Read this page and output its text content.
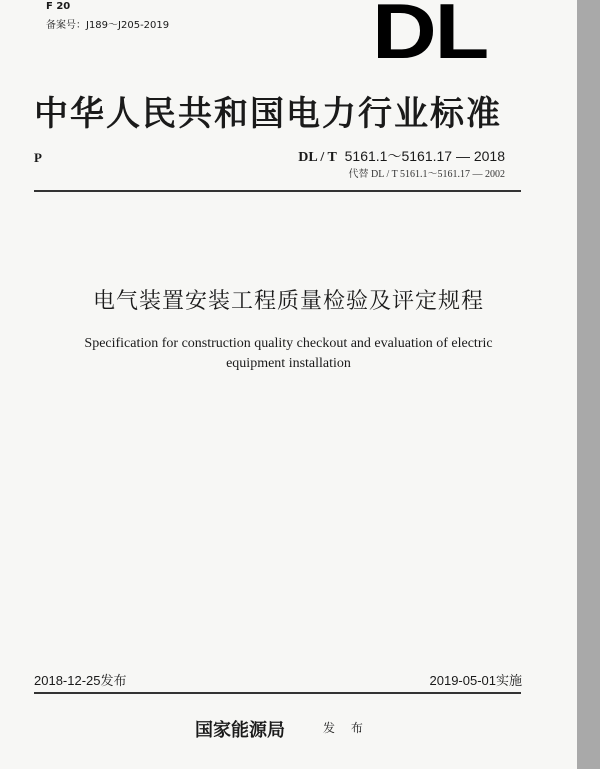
F 20
备案号：J189～J205-2019	DL
中华人民共和国电力行业标准
P	DL / T 5161.1～5161.17 — 2018
代替 DL / T 5161.1～5161.17 — 2002
电气装置安装工程质量检验及评定规程
Specification for construction quality checkout and evaluation of electric
equipment installation
2018-12-25发布	2019-05-01实施
国家能源局	发 布
